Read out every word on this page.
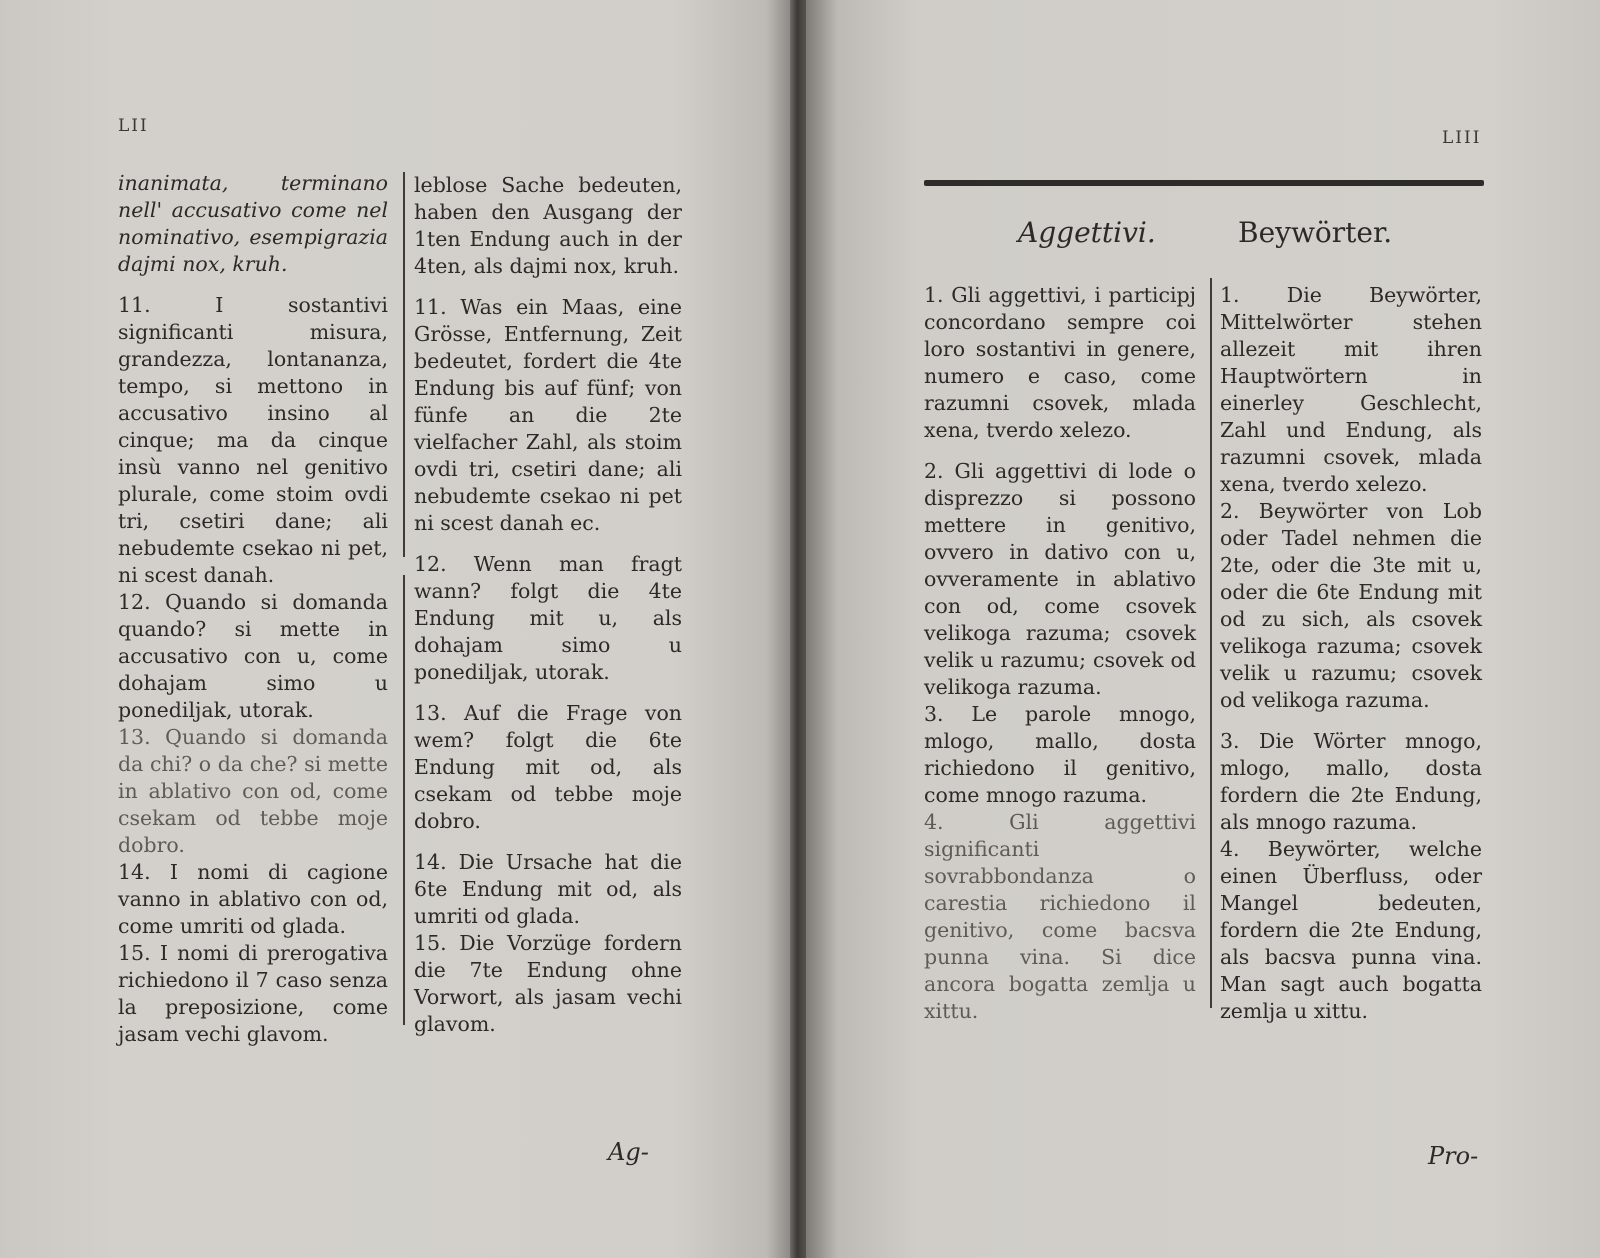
LII

inanimata, terminano nell' accusativo come nel nominativo, esempigrazia dajmi nox, kruh.

11. I sostantivi significanti misura, grandezza, lontananza, tempo, si mettono in accusativo insino al cinque; ma da cinque insù vanno nel genitivo plurale, come stoim ovdi tri, csetiri dane; ali nebudemte csekao ni pet, ni scest danah.

12. Quando si domanda quando? si mette in accusativo con u, come dohajam simo u ponediljak, utorak.

13. Quando si domanda da chi? o da che? si mette in ablativo con od, come csekam od tebbe moje dobro.

14. I nomi di cagione vanno in ablativo con od, come umriti od glada.

15. I nomi di prerogativa richiedono il 7 caso senza la preposizione, come jasam vechi glavom.

leblose Sache bedeuten, haben den Ausgang der 1ten Endung auch in der 4ten, als dajmi nox, kruh.

11. Was ein Maas, eine Grösse, Entfernung, Zeit bedeutet, fordert die 4te Endung bis auf fünf; von fünfe an die 2te vielfacher Zahl, als stoim ovdi tri, csetiri dane; ali nebudemte csekao ni pet ni scest danah ec.

12. Wenn man fragt wann? folgt die 4te Endung mit u, als dohajam simo u ponediljak, utorak.

13. Auf die Frage von wem? folgt die 6te Endung mit od, als csekam od tebbe moje dobro.

14. Die Ursache hat die 6te Endung mit od, als umriti od glada.

15. Die Vorzüge fordern die 7te Endung ohne Vorwort, als jasam vechi glavom.

Ag-
LIII
Aggettivi.	Beywörter.

1. Gli aggettivi, i participj concordano sempre coi loro sostantivi in genere, numero e caso, come razumni csovek, mlada xena, tverdo xelezo.

2. Gli aggettivi di lode o disprezzo si possono mettere in genitivo, ovvero in dativo con u, ovveramente in ablativo con od, come csovek velikoga razuma; csovek velik u razumu; csovek od velikoga razuma.

3. Le parole mnogo, mlogo, mallo, dosta richiedono il genitivo, come mnogo razuma.

4. Gli aggettivi significanti sovrabbondanza o carestia richiedono il genitivo, come bacsva punna vina. Si dice ancora bogatta zemlja u xittu.

1. Die Beywörter, Mittelwörter stehen allezeit mit ihren Hauptwörtern in einerley Geschlecht, Zahl und Endung, als razumni csovek, mlada xena, tverdo xelezo.

2. Beywörter von Lob oder Tadel nehmen die 2te, oder die 3te mit u, oder die 6te Endung mit od zu sich, als csovek velikoga razuma; csovek velik u razumu; csovek od velikoga razuma.

3. Die Wörter mnogo, mlogo, mallo, dosta fordern die 2te Endung, als mnogo razuma.

4. Beywörter, welche einen Überfluss, oder Mangel bedeuten, fordern die 2te Endung, als bacsva punna vina. Man sagt auch bogatta zemlja u xittu.

Pro-
